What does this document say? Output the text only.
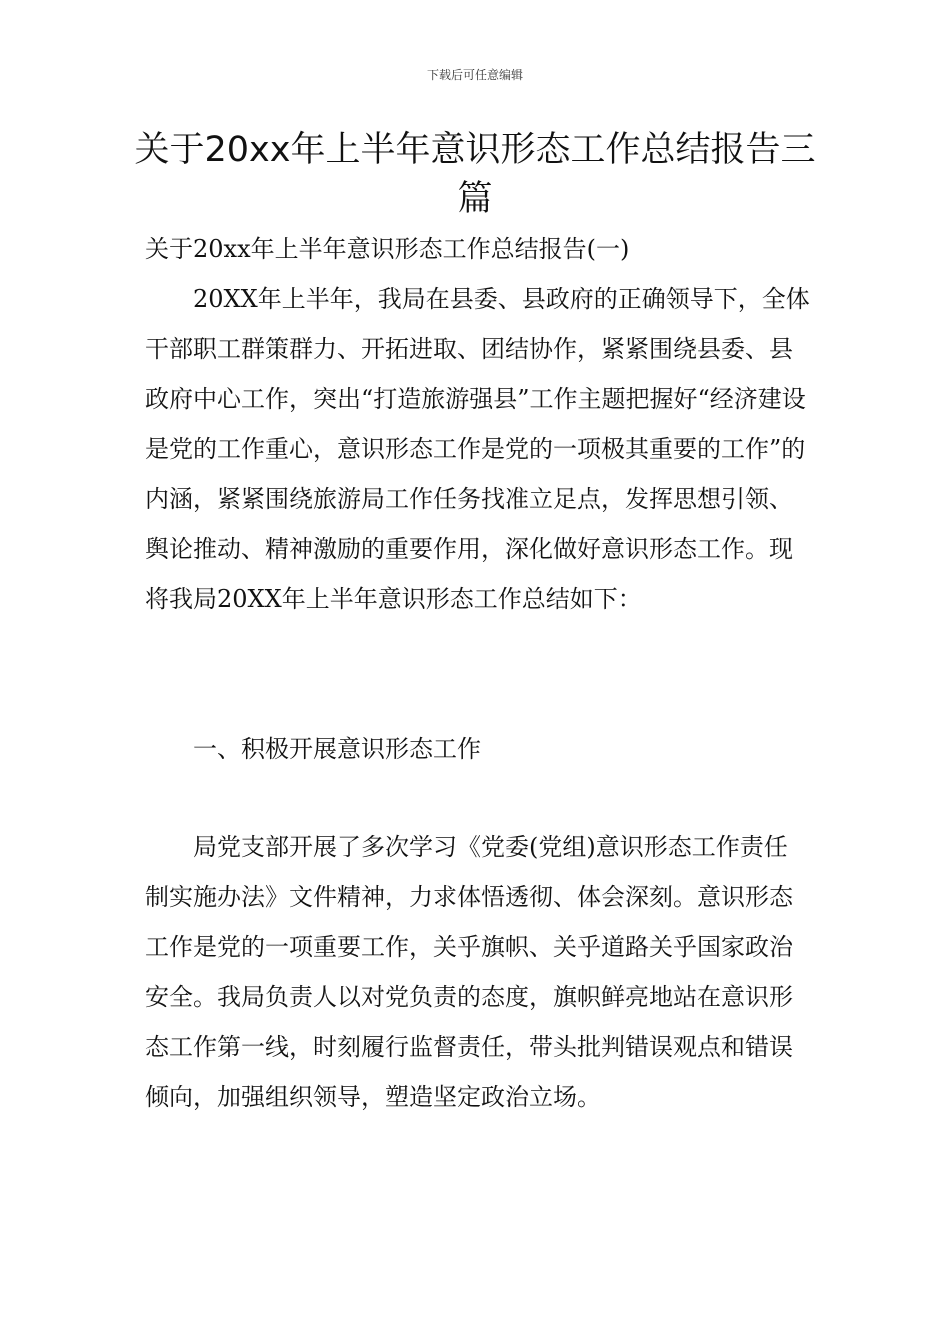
下载后可任意编辑
关于20xx年上半年意识形态工作总结报告三篇

关于20xx年上半年意识形态工作总结报告(一)

20XX年上半年，我局在县委、县政府的正确领导下，全体干部职工群策群力、开拓进取、团结协作，紧紧围绕县委、县政府中心工作，突出“打造旅游强县”工作主题把握好“经济建设是党的工作重心，意识形态工作是党的一项极其重要的工作”的内涵，紧紧围绕旅游局工作任务找准立足点，发挥思想引领、舆论推动、精神激励的重要作用，深化做好意识形态工作。现将我局20XX年上半年意识形态工作总结如下：

一、积极开展意识形态工作

局党支部开展了多次学习《党委(党组)意识形态工作责任制实施办法》文件精神，力求体悟透彻、体会深刻。意识形态工作是党的一项重要工作，关乎旗帜、关乎道路关乎国家政治安全。我局负责人以对党负责的态度，旗帜鲜亮地站在意识形态工作第一线，时刻履行监督责任，带头批判错误观点和错误倾向，加强组织领导，塑造坚定政治立场。
